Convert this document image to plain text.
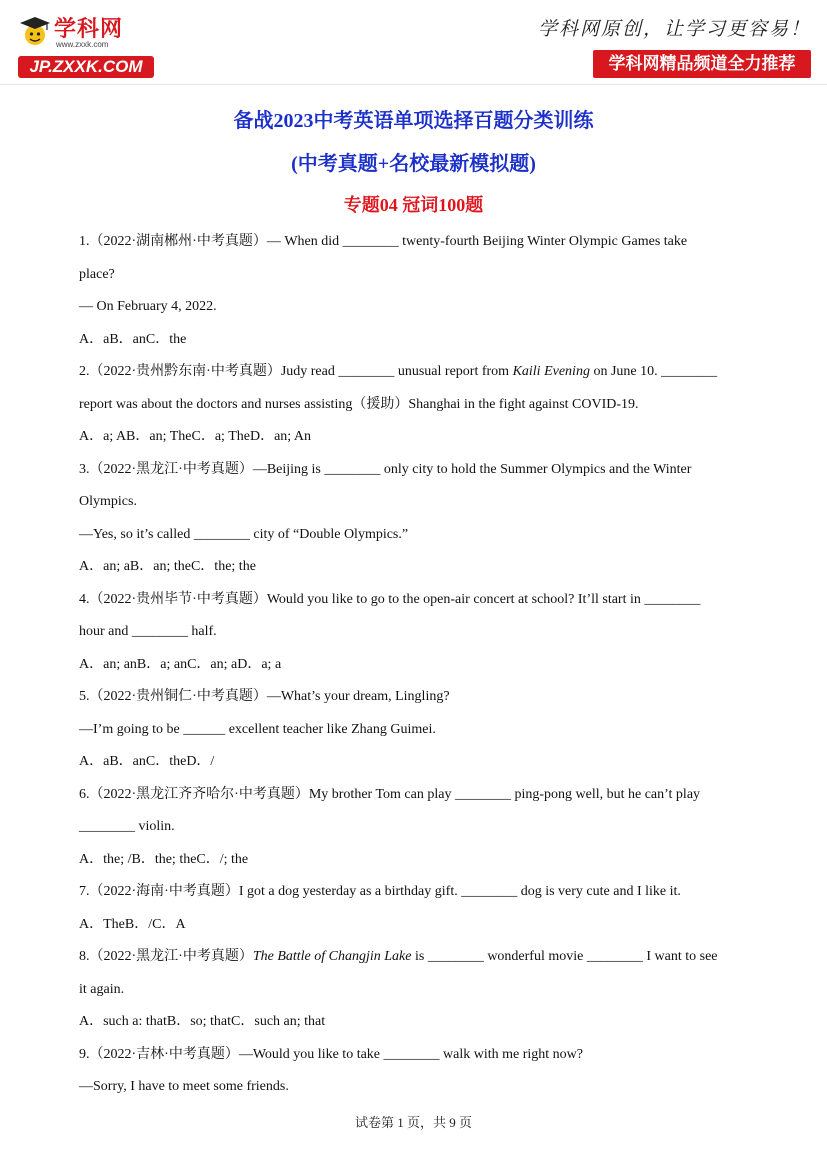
学科网
www.zxxk.com
JP.ZXXK.COM
学科网原创，让学习更容易！
学科网精品频道全力推荐
备战2023中考英语单项选择百题分类训练
(中考真题+名校最新模拟题)
专题04 冠词100题
1.（2022·湖南郴州·中考真题）— When did ________ twenty-fourth Beijing Winter Olympic Games take
place?
— On February 4, 2022.
A．aB．anC．the
2.（2022·贵州黔东南·中考真题）Judy read ________ unusual report from Kaili Evening on June 10. ________
report was about the doctors and nurses assisting（援助）Shanghai in the fight against COVID-19.
A．a; AB．an; TheC．a; TheD．an; An
3.（2022·黑龙江·中考真题）—Beijing is ________ only city to hold the Summer Olympics and the Winter
Olympics.
—Yes, so it’s called ________ city of “Double Olympics.”
A．an; aB．an; theC．the; the
4.（2022·贵州毕节·中考真题）Would you like to go to the open-air concert at school? It’ll start in ________
hour and ________ half.
A．an; anB．a; anC．an; aD．a; a
5.（2022·贵州铜仁·中考真题）—What’s your dream, Lingling?
—I’m going to be ______ excellent teacher like Zhang Guimei.
A．aB．anC．theD．/
6.（2022·黑龙江齐齐哈尔·中考真题）My brother Tom can play ________ ping-pong well, but he can’t play
________ violin.
A．the; /B．the; theC．/; the
7.（2022·海南·中考真题）I got a dog yesterday as a birthday gift. ________ dog is very cute and I like it.
A．TheB．/C．A
8.（2022·黑龙江·中考真题）The Battle of Changjin Lake is ________ wonderful movie ________ I want to see
it again.
A．such a: thatB．so; thatC．such an; that
9.（2022·吉林·中考真题）—Would you like to take ________ walk with me right now?
—Sorry, I have to meet some friends.
试卷第 1 页，共 9 页
